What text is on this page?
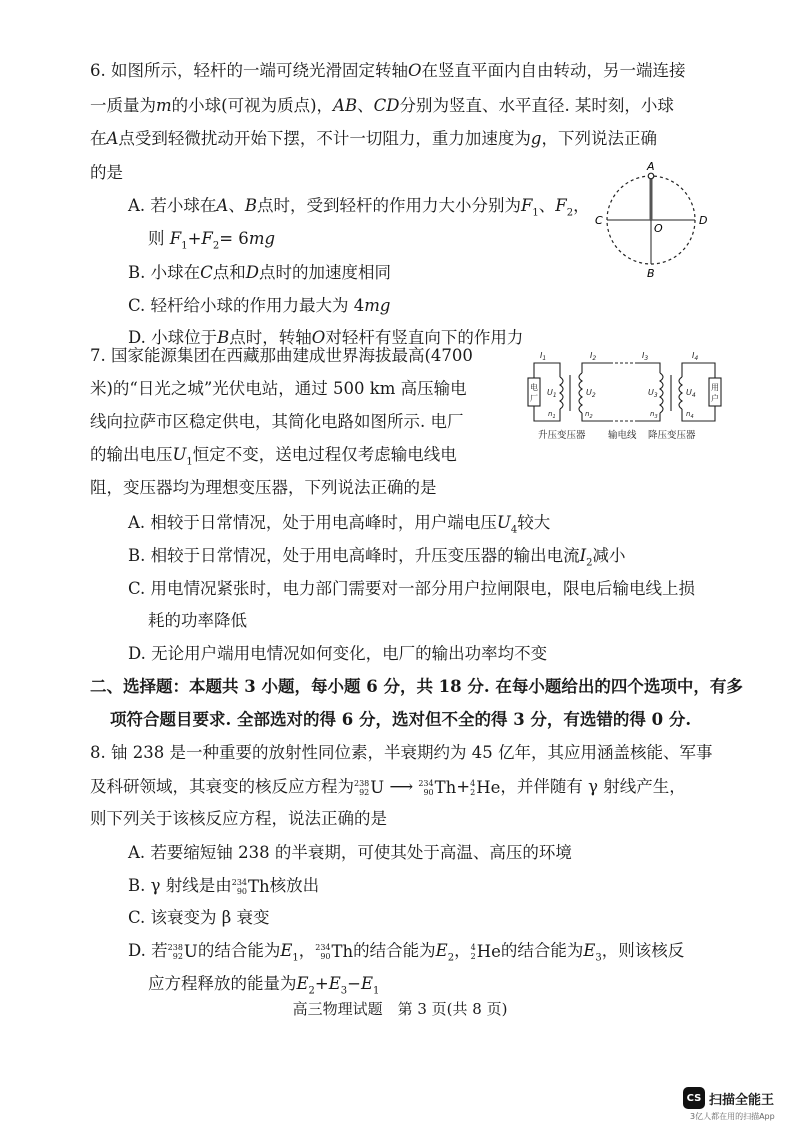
6. 如图所示，轻杆的一端可绕光滑固定转轴O在竖直平面内自由转动，另一端连接
一质量为m的小球(可视为质点)，AB、CD分别为竖直、水平直径. 某时刻，小球
在A点受到轻微扰动开始下摆，不计一切阻力，重力加速度为g，下列说法正确
的是
A. 若小球在A、B点时，受到轻杆的作用力大小分别为$F_1$、$F_2$，
则 $F_1+F_2= 6mg$
B. 小球在C点和D点时的加速度相同
C. 轻杆给小球的作用力最大为 4mg
D. 小球位于B点时，转轴O对轻杆有竖直向下的作用力
A
B
C	D
O
7. 国家能源集团在西藏那曲建成世界海拔最高(4700
米)的“日光之城”光伏电站，通过 500 km 高压输电
线向拉萨市区稳定供电，其简化电路如图所示. 电厂
的输出电压$U_1$恒定不变，送电过程仅考虑输电线电
阻，变压器均为理想变压器，下列说法正确的是
A. 相较于日常情况，处于用电高峰时，用户端电压$U_4$较大
B. 相较于日常情况，处于用电高峰时，升压变压器的输出电流$I_2$减小
C. 用电情况紧张时，电力部门需要对一部分用户拉闸限电，限电后输电线上损
耗的功率降低
D. 无论用户端用电情况如何变化，电厂的输出功率均不变
$I_1$	$I_2$	$I_3$	$I_4$
电
厂
用
户
$U_1$	$U_2$	$U_3$	$U_4$
$n_1$	$n_2$	$n_3$	$n_4$
升压变压器 输电线 降压变压器
二、选择题：本题共 3 小题，每小题 6 分，共 18 分. 在每小题给出的四个选项中，有多
项符合题目要求. 全部选对的得 6 分，选对但不全的得 3 分，有选错的得 0 分.
8. 铀 238 是一种重要的放射性同位素，半衰期约为 45 亿年，其应用涵盖核能、军事
及科研领域，其衰变的核反应方程为 238
92 U ⟶ 234
90 Th + 4
2 He ，并伴随有 γ 射线产生，
则下列关于该核反应方程，说法正确的是
A. 若要缩短铀 238 的半衰期，可使其处于高温、高压的环境
B. γ 射线是由 234
90 Th 核放出
C. 该衰变为 β 衰变
D. 若 238
92 U 的结合能为$E_1$， 234
90 Th 的结合能为$E_2$， 4
2 He 的结合能为$E_3$，则该核反
应方程释放的能量为$E_2+E_3-E_1$
高三物理试题　第 3 页(共 8 页)
CS 扫描全能王
3亿人都在用的扫描App
